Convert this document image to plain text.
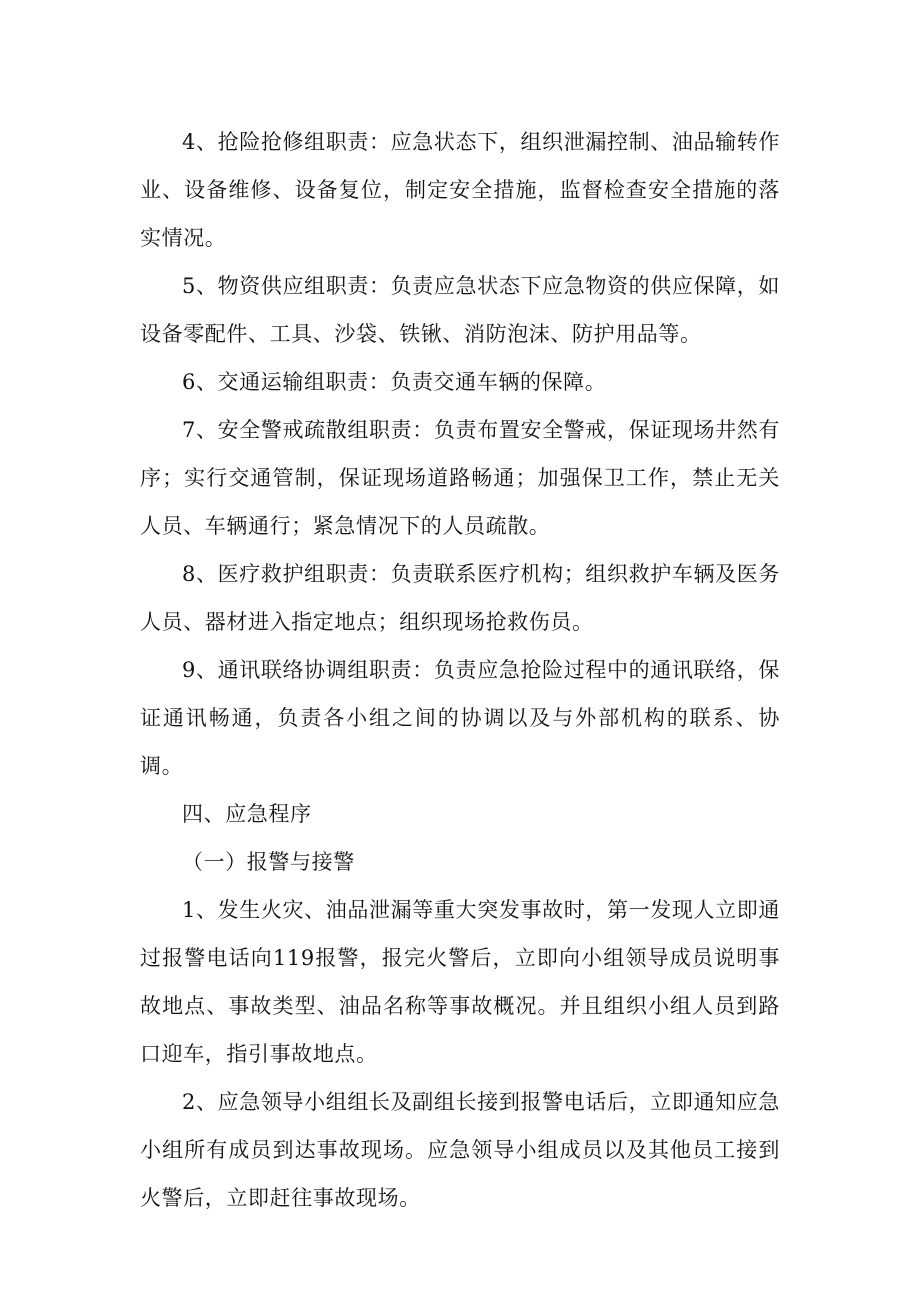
4、抢险抢修组职责：应急状态下，组织泄漏控制、油品输转作业、设备维修、设备复位，制定安全措施，监督检查安全措施的落实情况。

5、物资供应组职责：负责应急状态下应急物资的供应保障，如设备零配件、工具、沙袋、铁锹、消防泡沫、防护用品等。

6、交通运输组职责：负责交通车辆的保障。

7、安全警戒疏散组职责：负责布置安全警戒，保证现场井然有序；实行交通管制，保证现场道路畅通；加强保卫工作，禁止无关人员、车辆通行；紧急情况下的人员疏散。

8、医疗救护组职责：负责联系医疗机构；组织救护车辆及医务人员、器材进入指定地点；组织现场抢救伤员。

9、通讯联络协调组职责：负责应急抢险过程中的通讯联络，保证通讯畅通，负责各小组之间的协调以及与外部机构的联系、协调。

四、应急程序

（一）报警与接警

1、发生火灾、油品泄漏等重大突发事故时，第一发现人立即通过报警电话向119报警，报完火警后，立即向小组领导成员说明事故地点、事故类型、油品名称等事故概况。并且组织小组人员到路口迎车，指引事故地点。

2、应急领导小组组长及副组长接到报警电话后，立即通知应急小组所有成员到达事故现场。应急领导小组成员以及其他员工接到火警后，立即赶往事故现场。
